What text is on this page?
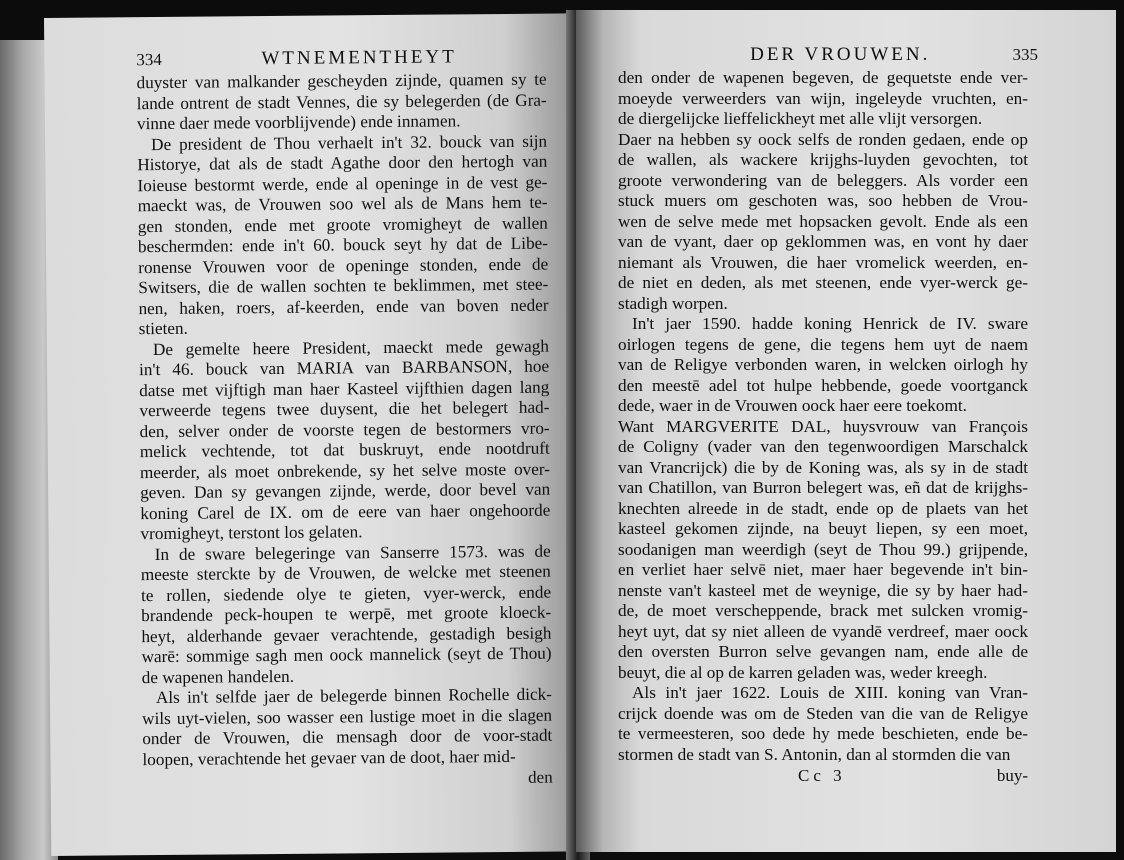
334	WTNEMENTHEYT
duyster van malkander gescheyden zijnde, quamen sy te
lande ontrent de stadt Vennes, die sy belegerden (de Gra-
vinne daer mede voorblijvende) ende innamen.
De president de Thou verhaelt in't 32. bouck van sijn
Historye, dat als de stadt Agathe door den hertogh van
Ioieuse bestormt werde, ende al openinge in de vest ge-
maeckt was, de Vrouwen soo wel als de Mans hem te-
gen stonden, ende met groote vromigheyt de wallen
beschermden: ende in't 60. bouck seyt hy dat de Libe-
ronense Vrouwen voor de openinge stonden, ende de
Switsers, die de wallen sochten te beklimmen, met stee-
nen, haken, roers, af-keerden, ende van boven neder
stieten.
De gemelte heere President, maeckt mede gewagh
in't 46. bouck van MARIA van BARBANSON, hoe
datse met vijftigh man haer Kasteel vijfthien dagen lang
verweerde tegens twee duysent, die het belegert had-
den, selver onder de voorste tegen de bestormers vro-
melick vechtende, tot dat buskruyt, ende nootdruft
meerder, als moet onbrekende, sy het selve moste over-
geven. Dan sy gevangen zijnde, werde, door bevel van
koning Carel de IX. om de eere van haer ongehoorde
vromigheyt, terstont los gelaten.
In de sware belegeringe van Sanserre 1573. was de
meeste stercktе by de Vrouwen, de welcke met steenen
te rollen, siedende olye te gieten, vyer-werck, ende
brandende peck-houpen te werpē, met groote kloeck-
heyt, alderhande gevaer verachtende, gestadigh besigh
warē: sommige sagh men oock mannelick (seyt de Thou)
de wapenen handelen.
Als in't selfde jaer de belegerde binnen Rochelle dick-
wils uyt-vielen, soo wasser een lustige moet in die slagen
onder de Vrouwen, die mensagh door de voor-stadt
loopen, verachtende het gevaer van de doot, haer mid-
den
DER VROUWEN.	335
den onder de wapenen begeven, de gequetste ende ver-
moeyde verweerders van wijn, ingeleyde vruchten, en-
de diergelijcke lieffelickheyt met alle vlijt versorgen.
Daer na hebben sy oock selfs de ronden gedaen, ende op
de wallen, als wackere krijghs-luyden gevochten, tot
groote verwondering van de beleggers. Als vorder een
stuck muers om geschoten was, soo hebben de Vrou-
wen de selve mede met hopsacken gevolt. Ende als een
van de vyant, daer op geklommen was, en vont hy daer
niemant als Vrouwen, die haer vromelick weerden, en-
de niet en deden, als met steenen, ende vyer-werck ge-
stadigh worpen.
In't jaer 1590. hadde koning Henrick de IV. sware
oirlogen tegens de gene, die tegens hem uyt de naem
van de Religye verbonden waren, in welcken oirlogh hy
den meestē adel tot hulpe hebbende, goede voortganck
dede, waer in de Vrouwen oock haer eere toekomt.
Want MARGVERITE DAL, huysvrouw van François
de Coligny (vader van den tegenwoordigen Marschalck
van Vrancrijck) die by de Koning was, als sy in de stadt
van Chatillon, van Burron belegert was, eñ dat de krijghs-
knechten alreede in de stadt, ende op de plaets van het
kasteel gekomen zijnde, na beuyt liepen, sy een moet,
soodanigen man weerdigh (seyt de Thou 99.) grijpende,
en verliet haer selvē niet, maer haer begevende in't bin-
nenste van't kasteel met de weynige, die sy by haer had-
de, de moet verscheppende, brack met sulcken vromig-
heyt uyt, dat sy niet alleen de vyandē verdreef, maer oock
den oversten Burron selve gevangen nam, ende alle de
beuyt, die al op de karren geladen was, weder kreegh.
Als in't jaer 1622. Louis de XIII. koning van Vran-
crijck doende was om de Steden van die van de Religye
te vermeesteren, soo dede hy mede beschieten, ende be-
stormen de stadt van S. Antonin, dan al stormden die van
Cc 3	buy-
